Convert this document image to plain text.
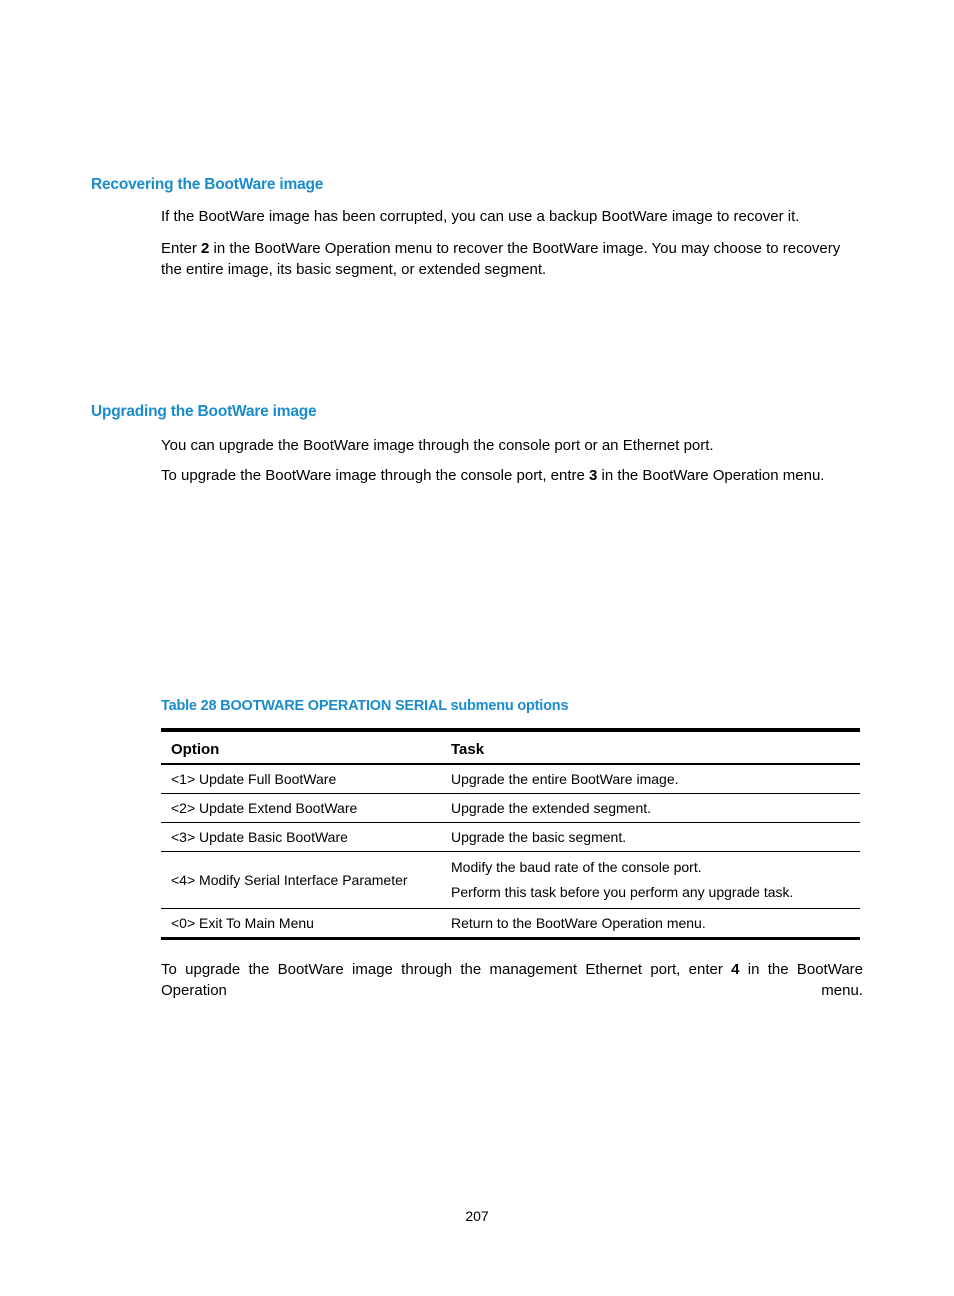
Recovering the BootWare image

If the BootWare image has been corrupted, you can use a backup BootWare image to recover it.

Enter 2 in the BootWare Operation menu to recover the BootWare image. You may choose to recovery the entire image, its basic segment, or extended segment.

Upgrading the BootWare image

You can upgrade the BootWare image through the console port or an Ethernet port.

To upgrade the BootWare image through the console port, entre 3 in the BootWare Operation menu.

Table 28 BOOTWARE OPERATION SERIAL submenu options

Option	Task
<1> Update Full BootWare	Upgrade the entire BootWare image.

<2> Update Extend BootWare	Upgrade the extended segment.

<3> Update Basic BootWare	Upgrade the basic segment.

<4> Modify Serial Interface Parameter	Modify the baud rate of the console port.
Perform this task before you perform any upgrade task.

<0> Exit To Main Menu	Return to the BootWare Operation menu.

To upgrade the BootWare image through the management Ethernet port, enter 4 in the BootWare Operation menu.

207
